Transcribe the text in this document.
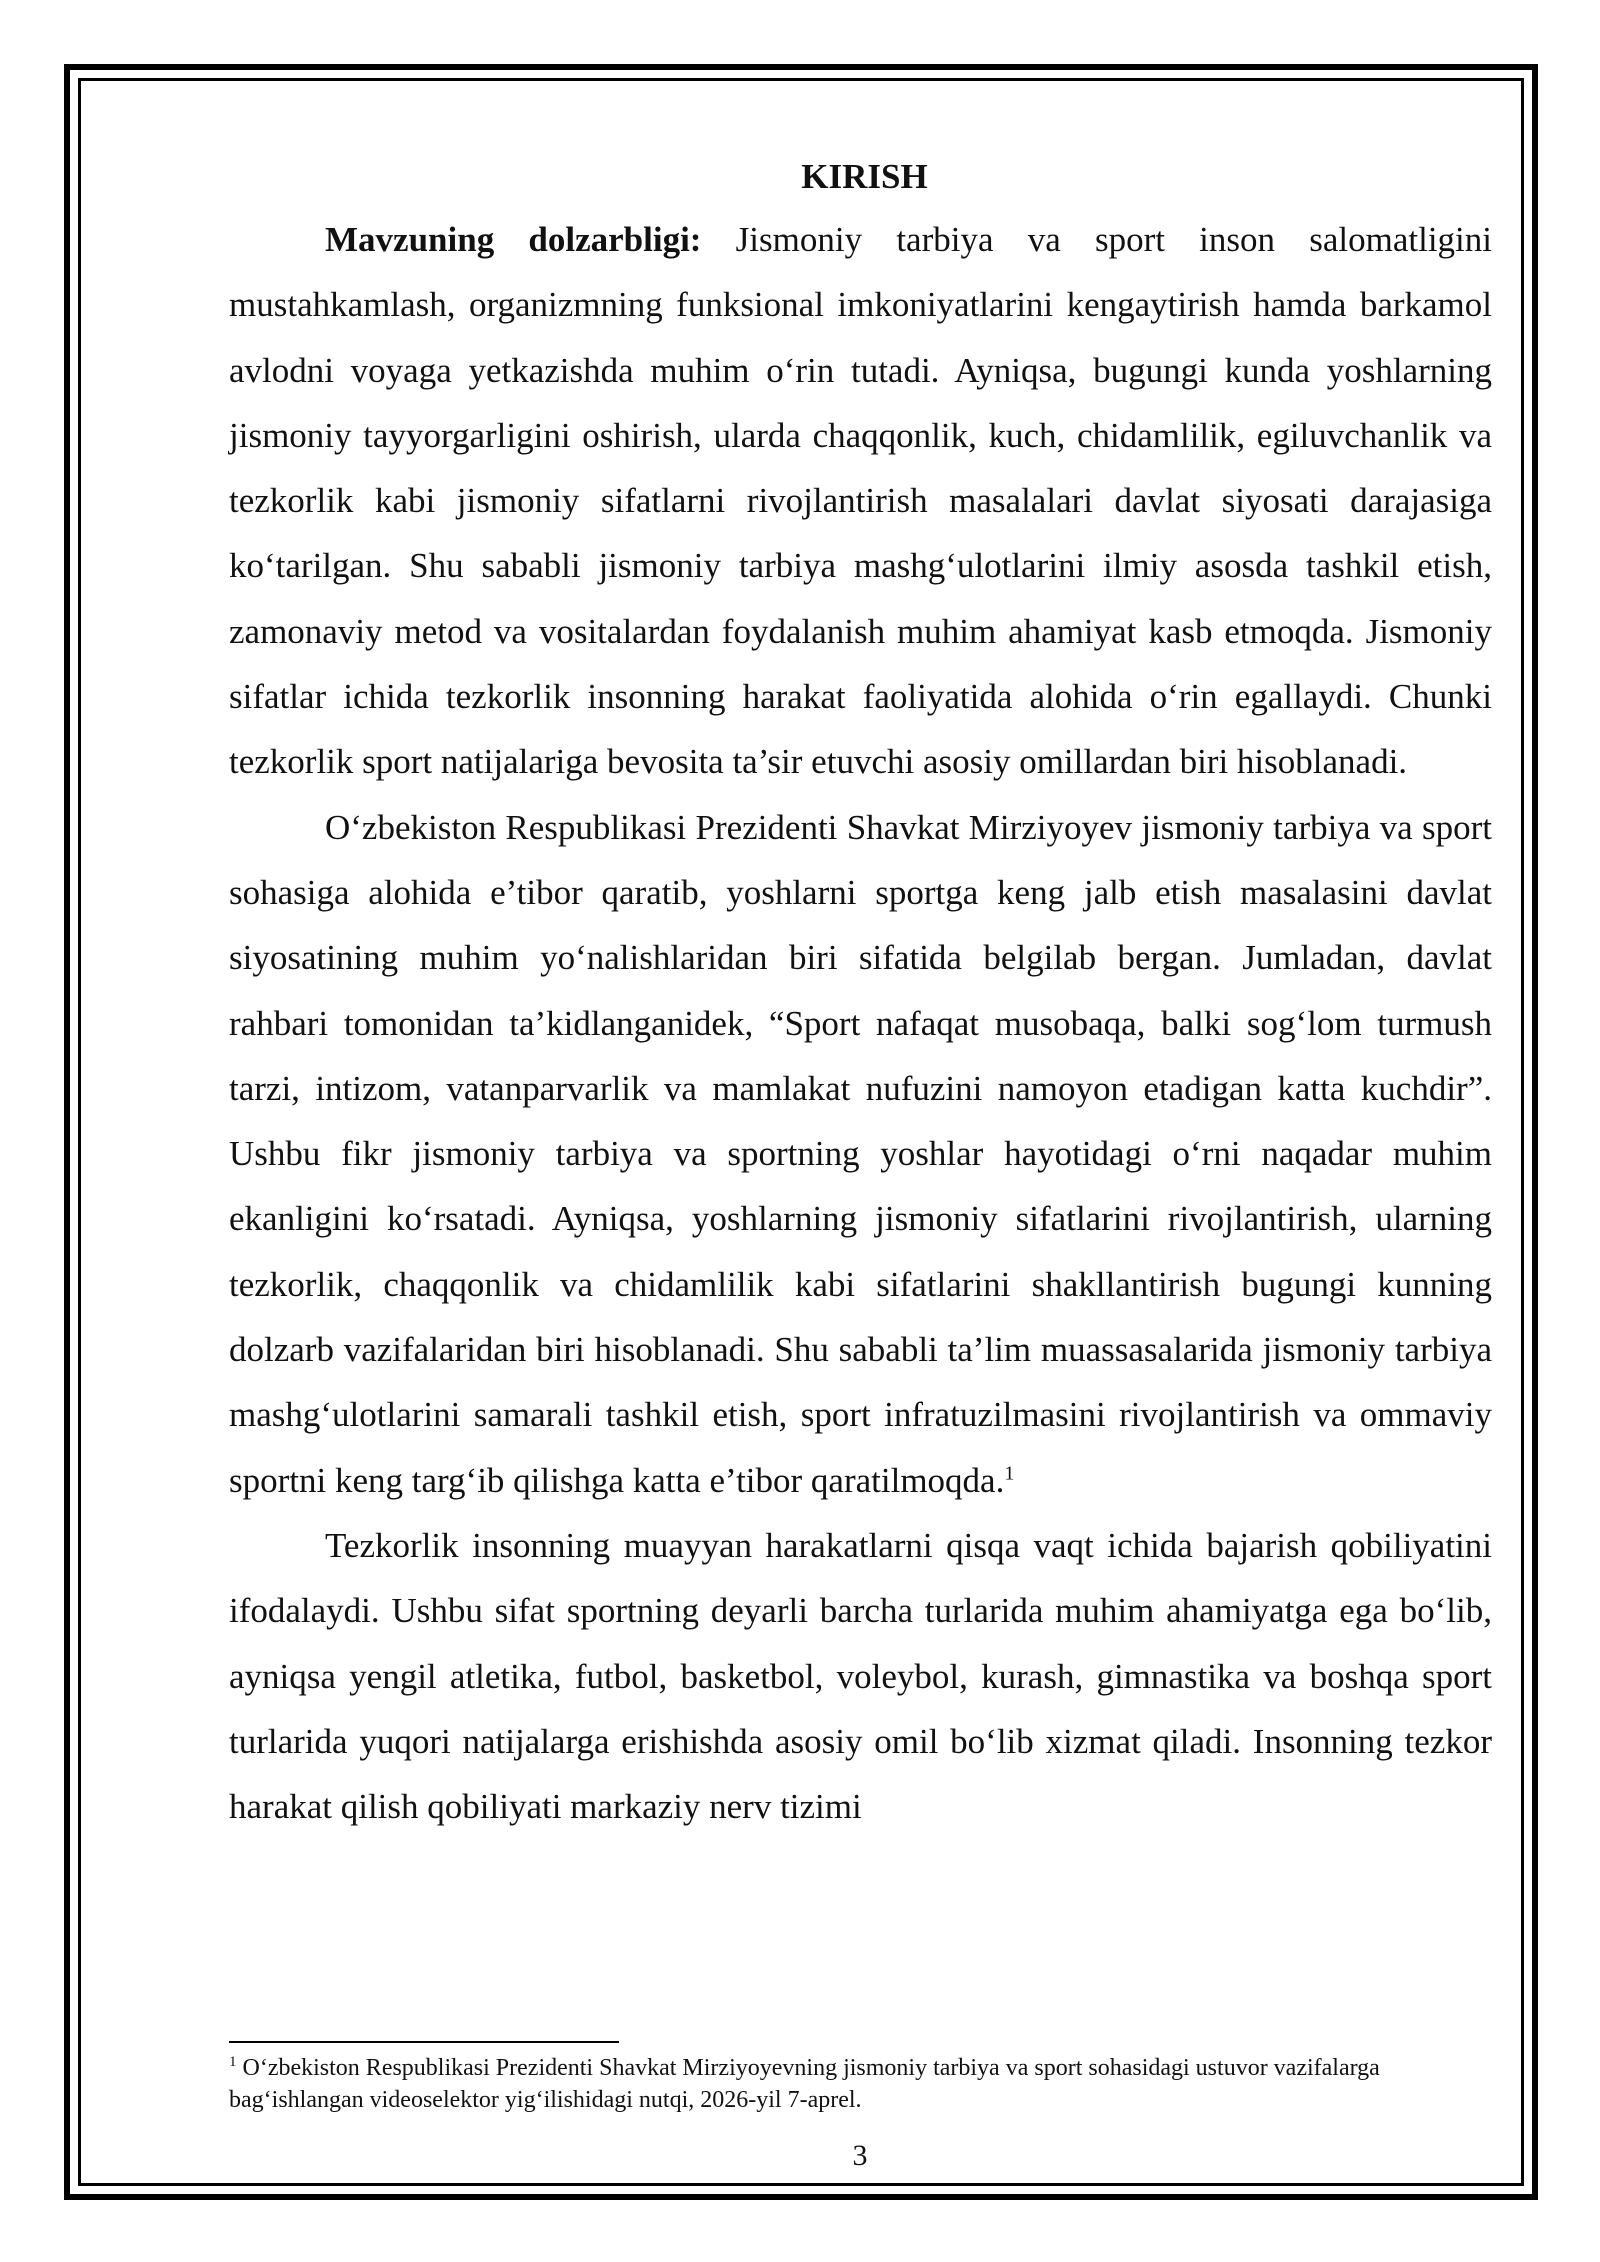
KIRISH

Mavzuning dolzarbligi: Jismoniy tarbiya va sport inson salomatligini mustahkamlash, organizmning funksional imkoniyatlarini kengaytirish hamda barkamol avlodni voyaga yetkazishda muhim o‘rin tutadi. Ayniqsa, bugungi kunda yoshlarning jismoniy tayyorgarligini oshirish, ularda chaqqonlik, kuch, chidamlilik, egiluvchanlik va tezkorlik kabi jismoniy sifatlarni rivojlantirish masalalari davlat siyosati darajasiga ko‘tarilgan. Shu sababli jismoniy tarbiya mashg‘ulotlarini ilmiy asosda tashkil etish, zamonaviy metod va vositalardan foydalanish muhim ahamiyat kasb etmoqda. Jismoniy sifatlar ichida tezkorlik insonning harakat faoliyatida alohida o‘rin egallaydi. Chunki tezkorlik sport natijalariga bevosita ta’sir etuvchi asosiy omillardan biri hisoblanadi.

O‘zbekiston Respublikasi Prezidenti Shavkat Mirziyoyev jismoniy tarbiya va sport sohasiga alohida e’tibor qaratib, yoshlarni sportga keng jalb etish masalasini davlat siyosatining muhim yo‘nalishlaridan biri sifatida belgilab bergan. Jumladan, davlat rahbari tomonidan ta’kidlanganidek, “Sport nafaqat musobaqa, balki sog‘lom turmush tarzi, intizom, vatanparvarlik va mamlakat nufuzini namoyon etadigan katta kuchdir”. Ushbu fikr jismoniy tarbiya va sportning yoshlar hayotidagi o‘rni naqadar muhim ekanligini ko‘rsatadi. Ayniqsa, yoshlarning jismoniy sifatlarini rivojlantirish, ularning tezkorlik, chaqqonlik va chidamlilik kabi sifatlarini shakllantirish bugungi kunning dolzarb vazifalaridan biri hisoblanadi. Shu sababli ta’lim muassasalarida jismoniy tarbiya mashg‘ulotlarini samarali tashkil etish, sport infratuzilmasini rivojlantirish va ommaviy sportni keng targ‘ib qilishga katta e’tibor qaratilmoqda.$^1$

Tezkorlik insonning muayyan harakatlarni qisqa vaqt ichida bajarish qobiliyatini ifodalaydi. Ushbu sifat sportning deyarli barcha turlarida muhim ahamiyatga ega bo‘lib, ayniqsa yengil atletika, futbol, basketbol, voleybol, kurash, gimnastika va boshqa sport turlarida yuqori natijalarga erishishda asosiy omil bo‘lib xizmat qiladi. Insonning tezkor harakat qilish qobiliyati markaziy nerv tizimi

$^1$ O‘zbekiston Respublikasi Prezidenti Shavkat Mirziyoyevning jismoniy tarbiya va sport sohasidagi ustuvor vazifalarga bag‘ishlangan videoselektor yig‘ilishidagi nutqi, 2026-yil 7-aprel.

3
